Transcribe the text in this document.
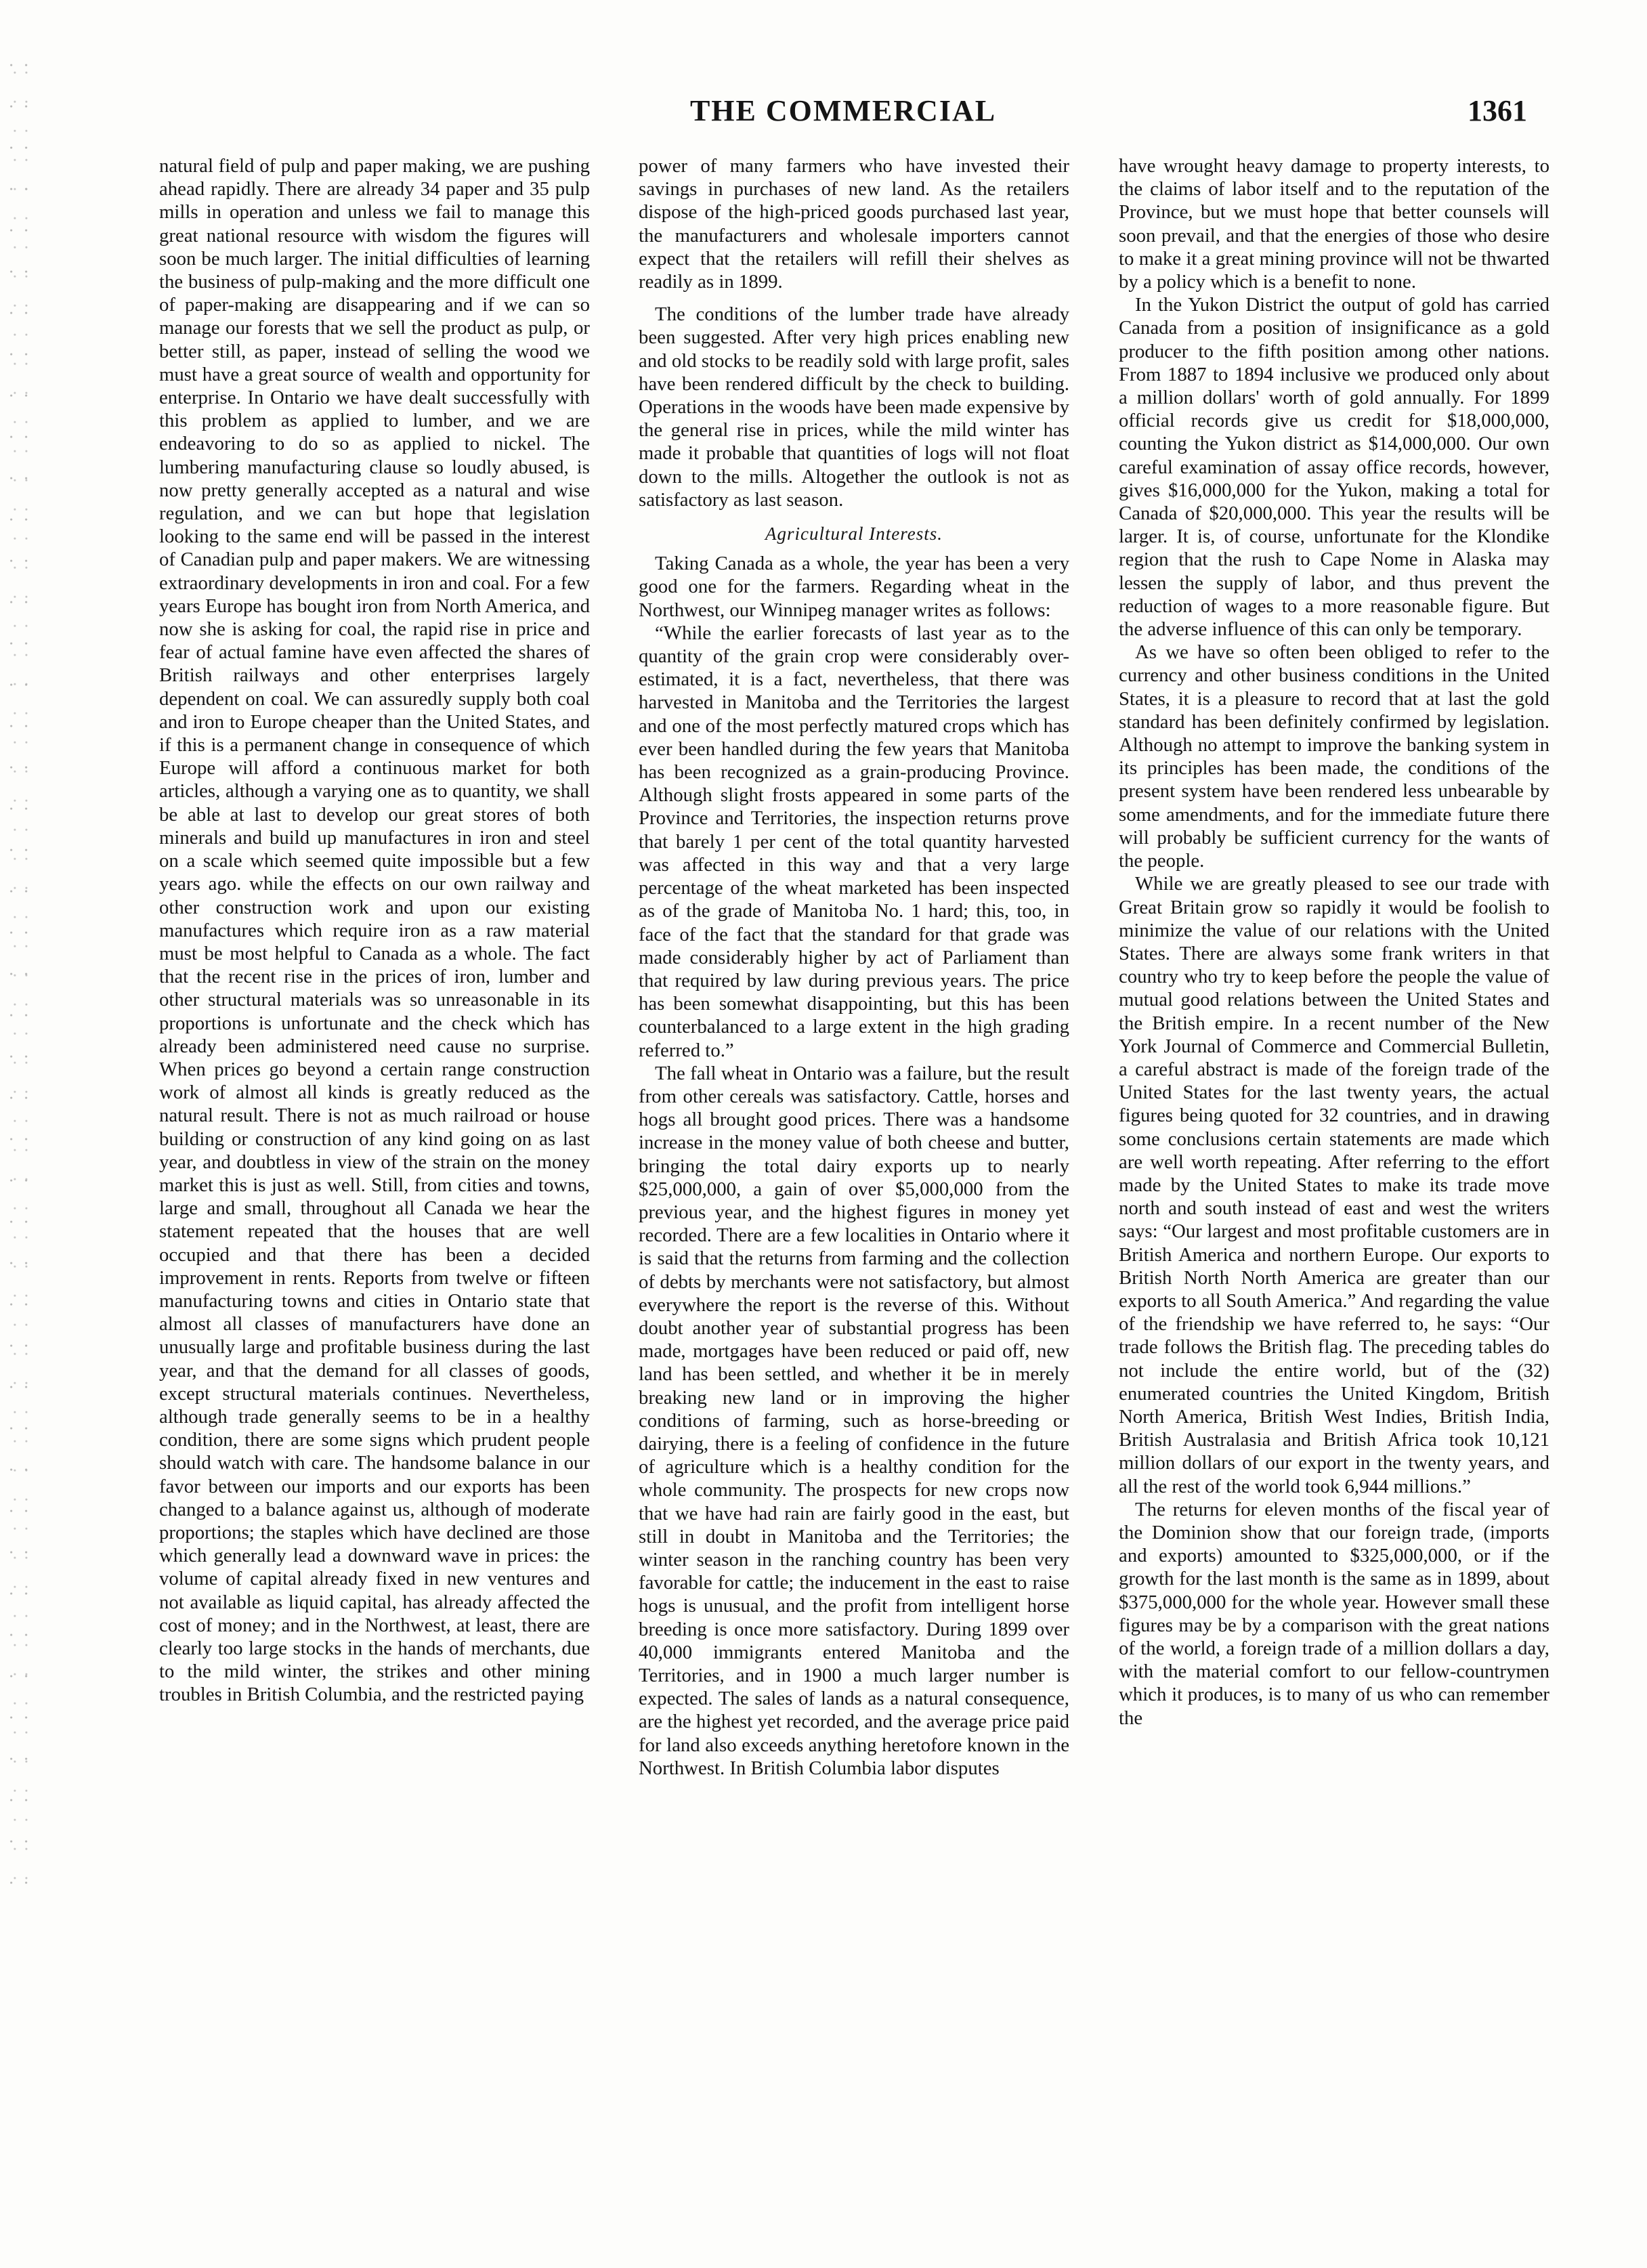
THE COMMERCIAL	1361

natural field of pulp and paper making, we are pushing ahead rapidly. There are already 34 paper and 35 pulp mills in operation and unless we fail to manage this great national resource with wisdom the figures will soon be much larger. The initial difficulties of learning the business of pulp-making and the more difficult one of paper-making are disappearing and if we can so manage our forests that we sell the product as pulp, or better still, as paper, instead of selling the wood we must have a great source of wealth and opportunity for enterprise. In Ontario we have dealt successfully with this problem as applied to lumber, and we are endeavoring to do so as applied to nickel. The lumbering manufacturing clause so loudly abused, is now pretty generally accepted as a natural and wise regulation, and we can but hope that legislation looking to the same end will be passed in the interest of Canadian pulp and paper makers. We are witnessing extraordinary developments in iron and coal. For a few years Europe has bought iron from North America, and now she is asking for coal, the rapid rise in price and fear of actual famine have even affected the shares of British railways and other enterprises largely dependent on coal. We can assuredly supply both coal and iron to Europe cheaper than the United States, and if this is a permanent change in consequence of which Europe will afford a continuous market for both articles, although a varying one as to quantity, we shall be able at last to develop our great stores of both minerals and build up manufactures in iron and steel on a scale which seemed quite impossible but a few years ago. while the effects on our own railway and other construction work and upon our existing manufactures which require iron as a raw material must be most helpful to Canada as a whole. The fact that the recent rise in the prices of iron, lumber and other structural materials was so unreasonable in its proportions is unfortunate and the check which has already been administered need cause no surprise. When prices go beyond a certain range construction work of almost all kinds is greatly reduced as the natural result. There is not as much railroad or house building or construction of any kind going on as last year, and doubtless in view of the strain on the money market this is just as well. Still, from cities and towns, large and small, throughout all Canada we hear the statement repeated that the houses that are well occupied and that there has been a decided improvement in rents. Reports from twelve or fifteen manufacturing towns and cities in Ontario state that almost all classes of manufacturers have done an unusually large and profitable business during the last year, and that the demand for all classes of goods, except structural materials continues. Nevertheless, although trade generally seems to be in a healthy condition, there are some signs which prudent people should watch with care. The handsome balance in our favor between our imports and our exports has been changed to a balance against us, although of moderate proportions; the staples which have declined are those which generally lead a downward wave in prices: the volume of capital already fixed in new ventures and not available as liquid capital, has already affected the cost of money; and in the Northwest, at least, there are clearly too large stocks in the hands of merchants, due to the mild winter, the strikes and other mining troubles in British Columbia, and the restricted paying

power of many farmers who have invested their savings in purchases of new land. As the retailers dispose of the high-priced goods purchased last year, the manufacturers and wholesale importers cannot expect that the retailers will refill their shelves as readily as in 1899.

The conditions of the lumber trade have already been suggested. After very high prices enabling new and old stocks to be readily sold with large profit, sales have been rendered difficult by the check to building. Operations in the woods have been made expensive by the general rise in prices, while the mild winter has made it probable that quantities of logs will not float down to the mills. Altogether the outlook is not as satisfactory as last season.

Agricultural Interests.

Taking Canada as a whole, the year has been a very good one for the farmers. Regarding wheat in the Northwest, our Winnipeg manager writes as follows:

“While the earlier forecasts of last year as to the quantity of the grain crop were considerably over-estimated, it is a fact, nevertheless, that there was harvested in Manitoba and the Territories the largest and one of the most perfectly matured crops which has ever been handled during the few years that Manitoba has been recognized as a grain-producing Province. Although slight frosts appeared in some parts of the Province and Territories, the inspection returns prove that barely 1 per cent of the total quantity harvested was affected in this way and that a very large percentage of the wheat marketed has been inspected as of the grade of Manitoba No. 1 hard; this, too, in face of the fact that the standard for that grade was made considerably higher by act of Parliament than that required by law during previous years. The price has been somewhat disappointing, but this has been counterbalanced to a large extent in the high grading referred to.”

The fall wheat in Ontario was a failure, but the result from other cereals was satisfactory. Cattle, horses and hogs all brought good prices. There was a handsome increase in the money value of both cheese and butter, bringing the total dairy exports up to nearly $25,000,000, a gain of over $5,000,000 from the previous year, and the highest figures in money yet recorded. There are a few localities in Ontario where it is said that the returns from farming and the collection of debts by merchants were not satisfactory, but almost everywhere the report is the reverse of this. Without doubt another year of substantial progress has been made, mortgages have been reduced or paid off, new land has been settled, and whether it be in merely breaking new land or in improving the higher conditions of farming, such as horse-breeding or dairying, there is a feeling of confidence in the future of agriculture which is a healthy condition for the whole community. The prospects for new crops now that we have had rain are fairly good in the east, but still in doubt in Manitoba and the Territories; the winter season in the ranching country has been very favorable for cattle; the inducement in the east to raise hogs is unusual, and the profit from intelligent horse breeding is once more satisfactory. During 1899 over 40,000 immigrants entered Manitoba and the Territories, and in 1900 a much larger number is expected. The sales of lands as a natural consequence, are the highest yet recorded, and the average price paid for land also exceeds anything heretofore known in the Northwest. In British Columbia labor disputes

have wrought heavy damage to property interests, to the claims of labor itself and to the reputation of the Province, but we must hope that better counsels will soon prevail, and that the energies of those who desire to make it a great mining province will not be thwarted by a policy which is a benefit to none.

In the Yukon District the output of gold has carried Canada from a position of insignificance as a gold producer to the fifth position among other nations. From 1887 to 1894 inclusive we produced only about a million dollars' worth of gold annually. For 1899 official records give us credit for $18,000,000, counting the Yukon district as $14,000,000. Our own careful examination of assay office records, however, gives $16,000,000 for the Yukon, making a total for Canada of $20,000,000. This year the results will be larger. It is, of course, unfortunate for the Klondike region that the rush to Cape Nome in Alaska may lessen the supply of labor, and thus prevent the reduction of wages to a more reasonable figure. But the adverse influence of this can only be temporary.

As we have so often been obliged to refer to the currency and other business conditions in the United States, it is a pleasure to record that at last the gold standard has been definitely confirmed by legislation. Although no attempt to improve the banking system in its principles has been made, the conditions of the present system have been rendered less unbearable by some amendments, and for the immediate future there will probably be sufficient currency for the wants of the people.

While we are greatly pleased to see our trade with Great Britain grow so rapidly it would be foolish to minimize the value of our relations with the United States. There are always some frank writers in that country who try to keep before the people the value of mutual good relations between the United States and the British empire. In a recent number of the New York Journal of Commerce and Commercial Bulletin, a careful abstract is made of the foreign trade of the United States for the last twenty years, the actual figures being quoted for 32 countries, and in drawing some conclusions certain statements are made which are well worth repeating. After referring to the effort made by the United States to make its trade move north and south instead of east and west the writers says: “Our largest and most profitable customers are in British America and northern Europe. Our exports to British North North America are greater than our exports to all South America.” And regarding the value of the friendship we have referred to, he says: “Our trade follows the British flag. The preceding tables do not include the entire world, but of the (32) enumerated countries the United Kingdom, British North America, British West Indies, British India, British Australasia and British Africa took 10,121 million dollars of our export in the twenty years, and all the rest of the world took 6,944 millions.”

The returns for eleven months of the fiscal year of the Dominion show that our foreign trade, (imports and exports) amounted to $325,000,000, or if the growth for the last month is the same as in 1899, about $375,000,000 for the whole year. However small these figures may be by a comparison with the great nations of the world, a foreign trade of a million dollars a day, with the material comfort to our fellow-countrymen which it produces, is to many of us who can remember the
